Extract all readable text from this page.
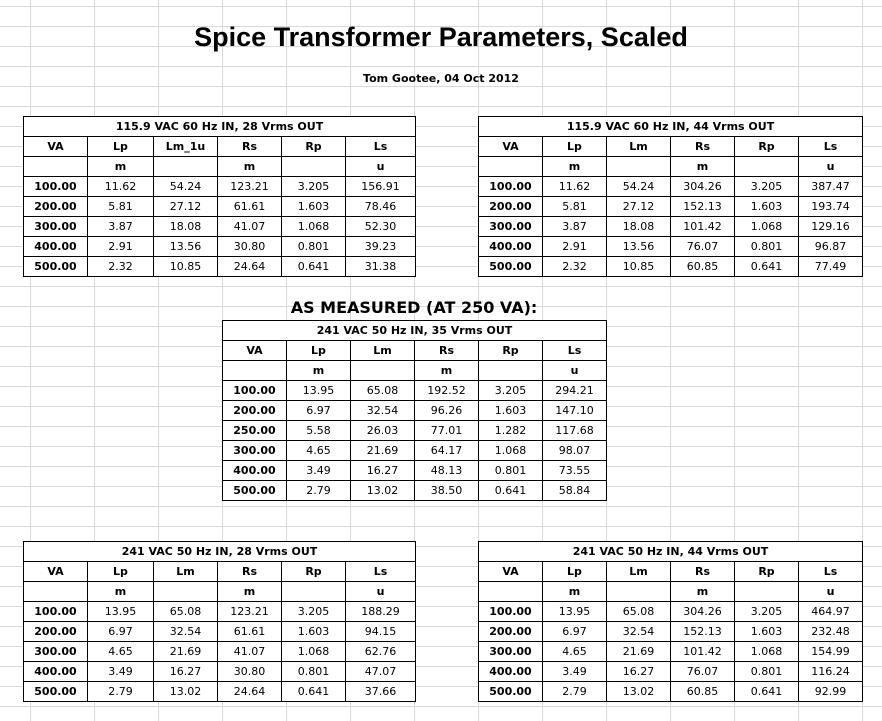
Spice Transformer Parameters, Scaled
Tom Gootee, 04 Oct 2012
AS MEASURED (AT 250 VA):
115.9 VAC 60 Hz IN, 28 Vrms OUT					
VA	Lp	Lm_1u	Rs	Rp	Ls
	m		m		u
100.00	11.62	54.24	123.21	3.205	156.91
200.00	5.81	27.12	61.61	1.603	78.46
300.00	3.87	18.08	41.07	1.068	52.30
400.00	2.91	13.56	30.80	0.801	39.23
500.00	2.32	10.85	24.64	0.641	31.38
115.9 VAC 60 Hz IN, 44 Vrms OUT					
VA	Lp	Lm	Rs	Rp	Ls
	m		m		u
100.00	11.62	54.24	304.26	3.205	387.47
200.00	5.81	27.12	152.13	1.603	193.74
300.00	3.87	18.08	101.42	1.068	129.16
400.00	2.91	13.56	76.07	0.801	96.87
500.00	2.32	10.85	60.85	0.641	77.49
241 VAC 50 Hz IN, 35 Vrms OUT					
VA	Lp	Lm	Rs	Rp	Ls
	m		m		u
100.00	13.95	65.08	192.52	3.205	294.21
200.00	6.97	32.54	96.26	1.603	147.10
250.00	5.58	26.03	77.01	1.282	117.68
300.00	4.65	21.69	64.17	1.068	98.07
400.00	3.49	16.27	48.13	0.801	73.55
500.00	2.79	13.02	38.50	0.641	58.84
241 VAC 50 Hz IN, 28 Vrms OUT					
VA	Lp	Lm	Rs	Rp	Ls
	m		m		u
100.00	13.95	65.08	123.21	3.205	188.29
200.00	6.97	32.54	61.61	1.603	94.15
300.00	4.65	21.69	41.07	1.068	62.76
400.00	3.49	16.27	30.80	0.801	47.07
500.00	2.79	13.02	24.64	0.641	37.66
241 VAC 50 Hz IN, 44 Vrms OUT					
VA	Lp	Lm	Rs	Rp	Ls
	m		m		u
100.00	13.95	65.08	304.26	3.205	464.97
200.00	6.97	32.54	152.13	1.603	232.48
300.00	4.65	21.69	101.42	1.068	154.99
400.00	3.49	16.27	76.07	0.801	116.24
500.00	2.79	13.02	60.85	0.641	92.99
